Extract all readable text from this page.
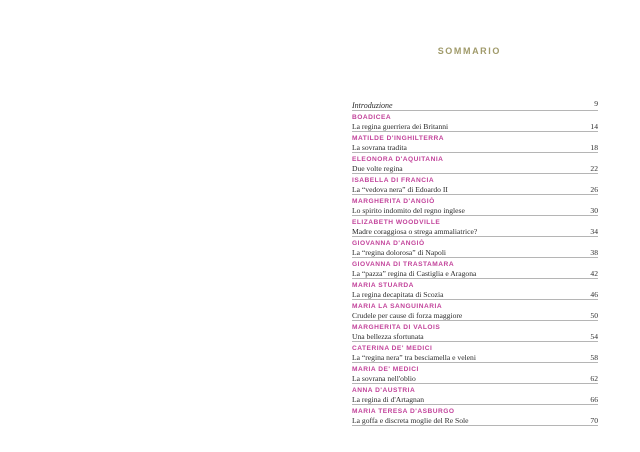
SOMMARIO
Introduzione	9
BOADICEA
La regina guerriera dei Britanni	14
MATILDE D'INGHILTERRA
La sovrana tradita	18
ELEONORA D'AQUITANIA
Due volte regina	22
ISABELLA DI FRANCIA
La “vedova nera” di Edoardo II	26
MARGHERITA D'ANGIÒ
Lo spirito indomito del regno inglese	30
ELIZABETH WOODVILLE
Madre coraggiosa o strega ammaliatrice?	34
GIOVANNA D'ANGIÒ
La “regina dolorosa” di Napoli	38
GIOVANNA DI TRASTAMARA
La “pazza” regina di Castiglia e Aragona	42
MARIA STUARDA
La regina decapitata di Scozia	46
MARIA LA SANGUINARIA
Crudele per cause di forza maggiore	50
MARGHERITA DI VALOIS
Una bellezza sfortunata	54
CATERINA DE' MEDICI
La “regina nera” tra besciamella e veleni	58
MARIA DE' MEDICI
La sovrana nell'oblio	62
ANNA D'AUSTRIA
La regina di d'Artagnan	66
MARIA TERESA D'ASBURGO
La goffa e discreta moglie del Re Sole	70
